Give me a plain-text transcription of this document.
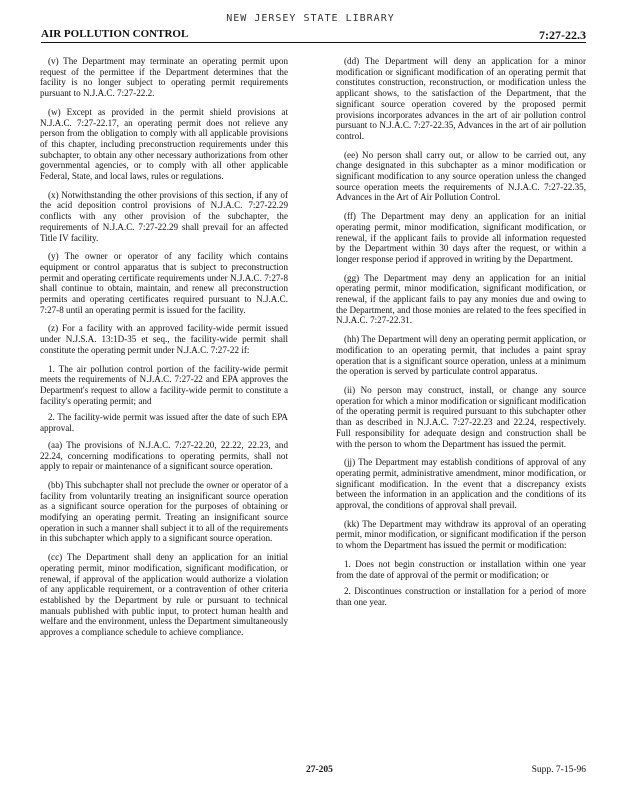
NEW JERSEY STATE LIBRARY
AIR POLLUTION CONTROL	7:27-22.3

(v) The Department may terminate an operating permit upon request of the permittee if the Department determines that the facility is no longer subject to operating permit requirements pursuant to N.J.A.C. 7:27-22.2.

(w) Except as provided in the permit shield provisions at N.J.A.C. 7:27-22.17, an operating permit does not relieve any person from the obligation to comply with all applicable provisions of this chapter, including preconstruction requirements under this subchapter, to obtain any other necessary authorizations from other governmental agencies, or to comply with all other applicable Federal, State, and local laws, rules or regulations.

(x) Notwithstanding the other provisions of this section, if any of the acid deposition control provisions of N.J.A.C. 7:27-22.29 conflicts with any other provision of the subchapter, the requirements of N.J.A.C. 7:27-22.29 shall prevail for an affected Title IV facility.

(y) The owner or operator of any facility which contains equipment or control apparatus that is subject to preconstruction permit and operating certificate requirements under N.J.A.C. 7:27-8 shall continue to obtain, maintain, and renew all preconstruction permits and operating certificates required pursuant to N.J.A.C. 7:27-8 until an operating permit is issued for the facility.

(z) For a facility with an approved facility-wide permit issued under N.J.S.A. 13:1D-35 et seq., the facility-wide permit shall constitute the operating permit under N.J.A.C. 7:27-22 if:

1. The air pollution control portion of the facility-wide permit meets the requirements of N.J.A.C. 7:27-22 and EPA approves the Department's request to allow a facility-wide permit to constitute a facility's operating permit; and

2. The facility-wide permit was issued after the date of such EPA approval.

(aa) The provisions of N.J.A.C. 7:27-22.20, 22.22, 22.23, and 22.24, concerning modifications to operating permits, shall not apply to repair or maintenance of a significant source operation.

(bb) This subchapter shall not preclude the owner or operator of a facility from voluntarily treating an insignificant source operation as a significant source operation for the purposes of obtaining or modifying an operating permit. Treating an insignificant source operation in such a manner shall subject it to all of the requirements in this subchapter which apply to a significant source operation.

(cc) The Department shall deny an application for an initial operating permit, minor modification, significant modification, or renewal, if approval of the application would authorize a violation of any applicable requirement, or a contravention of other criteria established by the Department by rule or pursuant to technical manuals published with public input, to protect human health and welfare and the environment, unless the Department simultaneously approves a compliance schedule to achieve compliance.

(dd) The Department will deny an application for a minor modification or significant modification of an operating permit that constitutes construction, reconstruction, or modification unless the applicant shows, to the satisfaction of the Department, that the significant source operation covered by the proposed permit provisions incorporates advances in the art of air pollution control pursuant to N.J.A.C. 7:27-22.35, Advances in the art of air pollution control.

(ee) No person shall carry out, or allow to be carried out, any change designated in this subchapter as a minor modification or significant modification to any source operation unless the changed source operation meets the requirements of N.J.A.C. 7:27-22.35, Advances in the Art of Air Pollution Control.

(ff) The Department may deny an application for an initial operating permit, minor modification, significant modification, or renewal, if the applicant fails to provide all information requested by the Department within 30 days after the request, or within a longer response period if approved in writing by the Department.

(gg) The Department may deny an application for an initial operating permit, minor modification, significant modification, or renewal, if the applicant fails to pay any monies due and owing to the Department, and those monies are related to the fees specified in N.J.A.C. 7:27-22.31.

(hh) The Department will deny an operating permit application, or modification to an operating permit, that includes a paint spray operation that is a significant source operation, unless at a minimum the operation is served by particulate control apparatus.

(ii) No person may construct, install, or change any source operation for which a minor modification or significant modification of the operating permit is required pursuant to this subchapter other than as described in N.J.A.C. 7:27-22.23 and 22.24, respectively. Full responsibility for adequate design and construction shall be with the person to whom the Department has issued the permit.

(jj) The Department may establish conditions of approval of any operating permit, administrative amendment, minor modification, or significant modification. In the event that a discrepancy exists between the information in an application and the conditions of its approval, the conditions of approval shall prevail.

(kk) The Department may withdraw its approval of an operating permit, minor modification, or significant modification if the person to whom the Department has issued the permit or modification:

1. Does not begin construction or installation within one year from the date of approval of the permit or modification; or

2. Discontinues construction or installation for a period of more than one year.

27-205	Supp. 7-15-96
